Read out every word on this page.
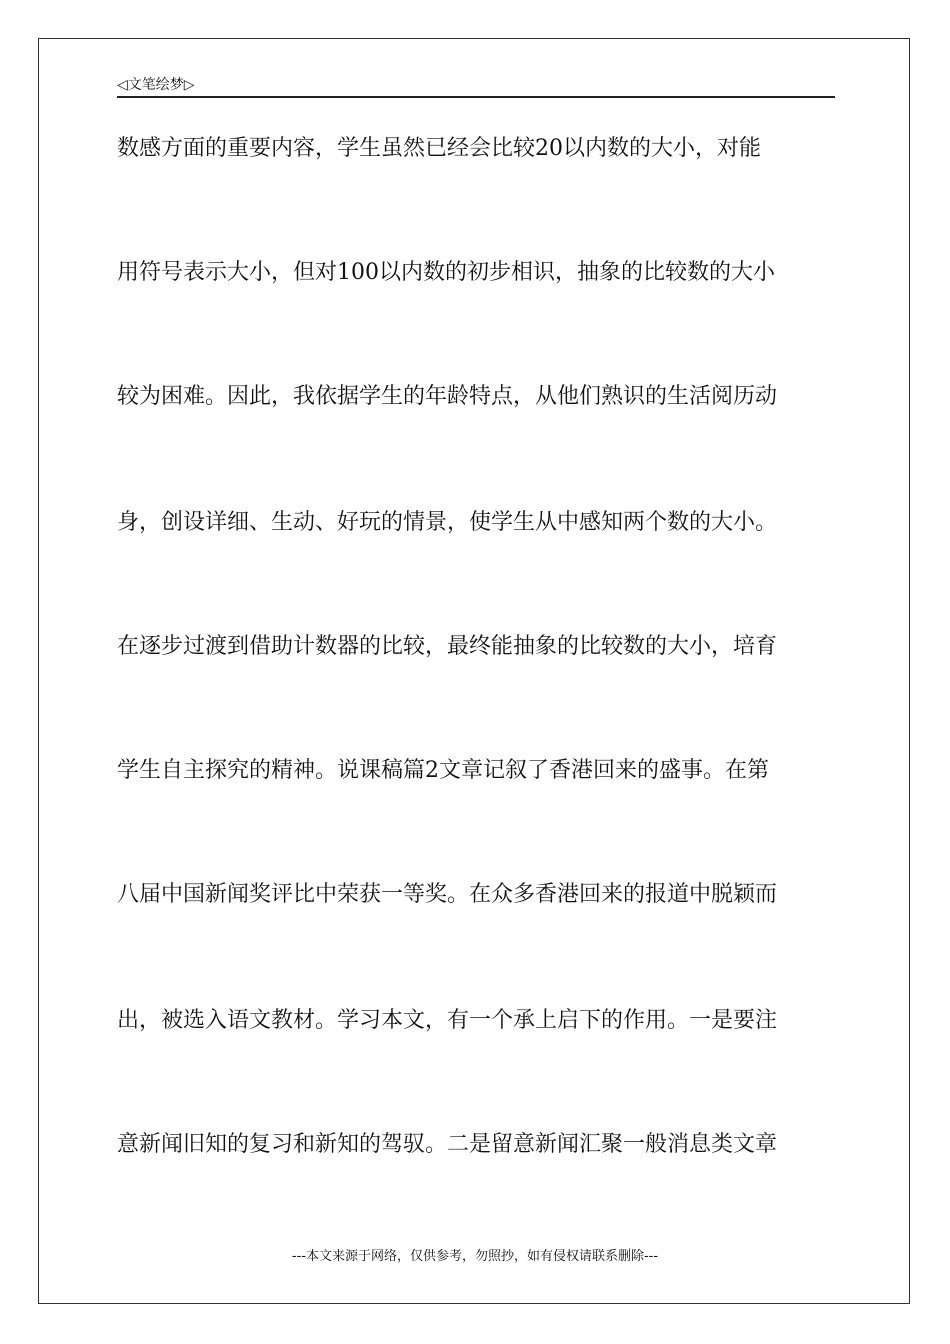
◁文笔绘梦▷
数感方面的重要内容，学生虽然已经会比较20以内数的大小，对能
用符号表示大小，但对100以内数的初步相识，抽象的比较数的大小
较为困难。因此，我依据学生的年龄特点，从他们熟识的生活阅历动
身，创设详细、生动、好玩的情景，使学生从中感知两个数的大小。
在逐步过渡到借助计数器的比较，最终能抽象的比较数的大小，培育
学生自主探究的精神。说课稿篇2文章记叙了香港回来的盛事。在第
八届中国新闻奖评比中荣获一等奖。在众多香港回来的报道中脱颖而
出，被选入语文教材。学习本文，有一个承上启下的作用。一是要注
意新闻旧知的复习和新知的驾驭。二是留意新闻汇聚一般消息类文章
---本文来源于网络，仅供参考，勿照抄，如有侵权请联系删除---
